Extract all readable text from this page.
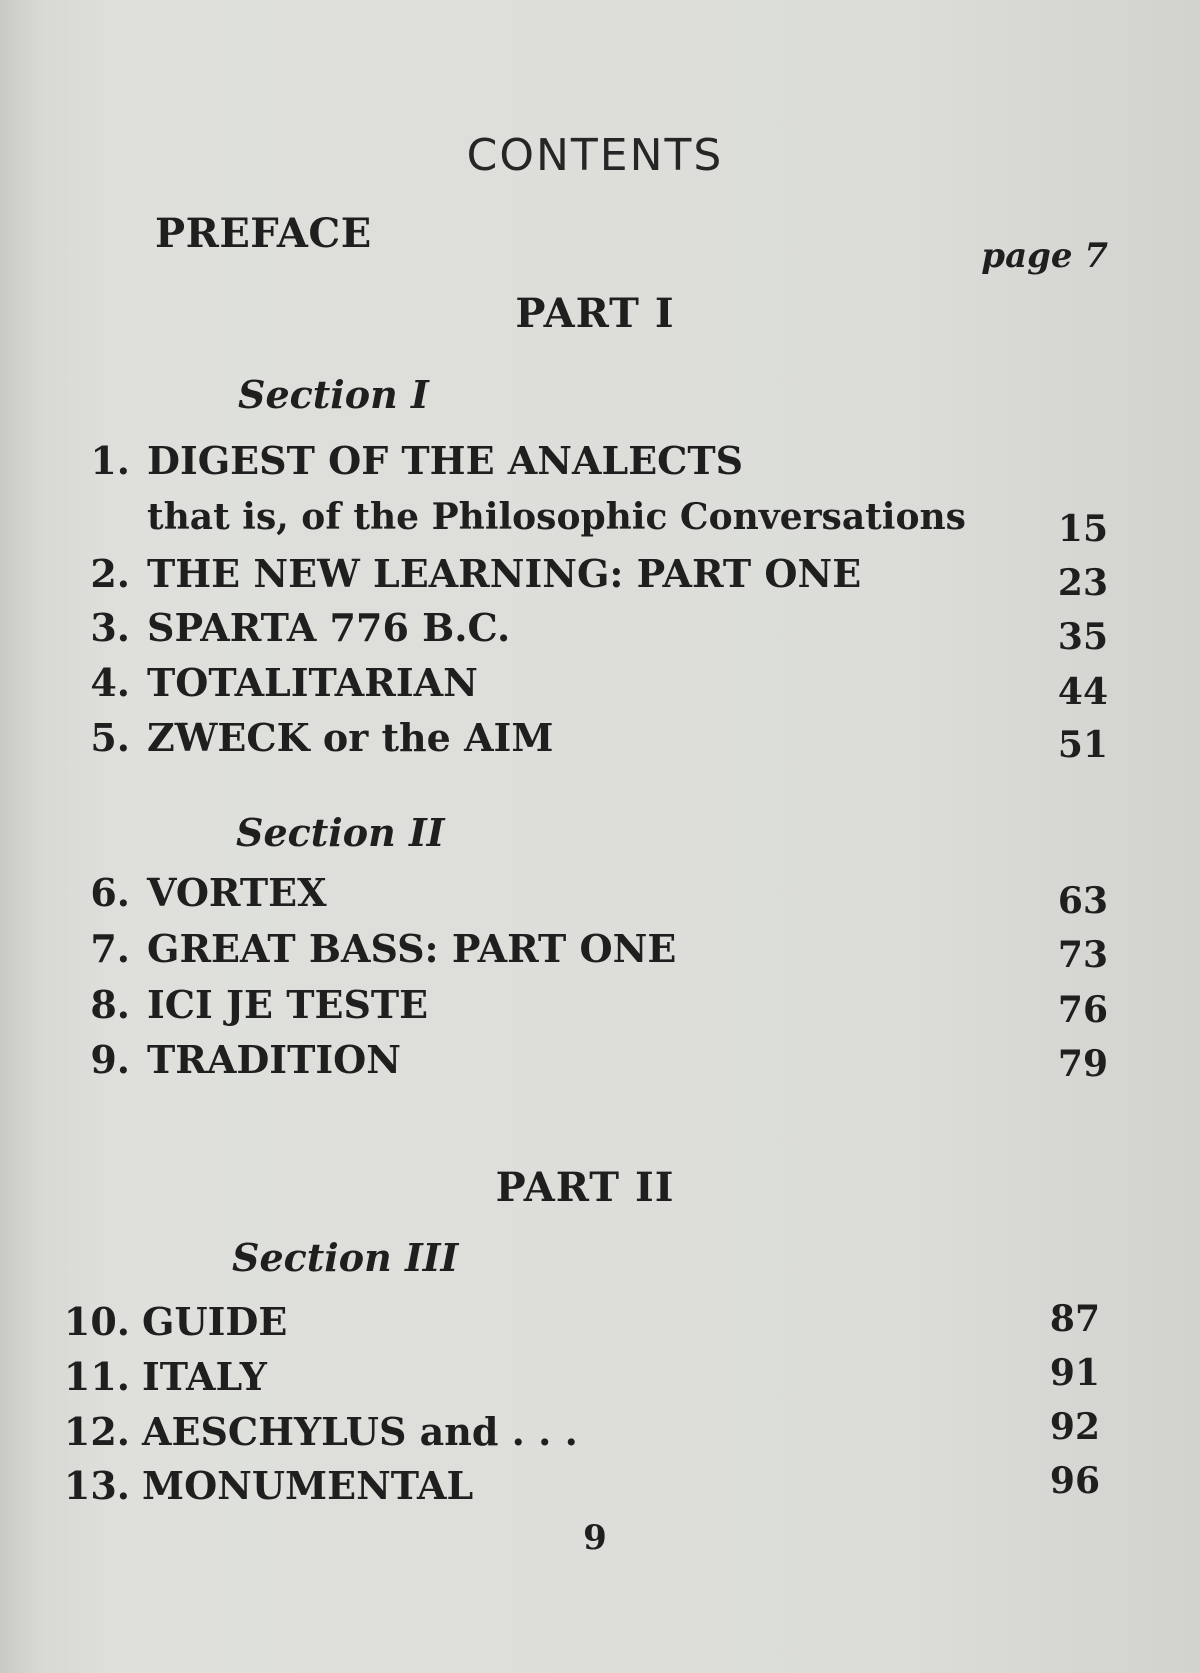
CONTENTS
PREFACE	page 7
PART I
Section I
1. DIGEST OF THE ANALECTS
that is, of the Philosophic Conversations	15
2. THE NEW LEARNING: PART ONE	23
3. SPARTA 776 B.C.	35
4. TOTALITARIAN	44
5. ZWECK or the AIM	51
Section II
6. VORTEX	63
7. GREAT BASS: PART ONE	73
8. ICI JE TESTE	76
9. TRADITION	79
PART II
Section III
10. GUIDE	87
11. ITALY	91
12. AESCHYLUS and . . .	92
13. MONUMENTAL	96
9
